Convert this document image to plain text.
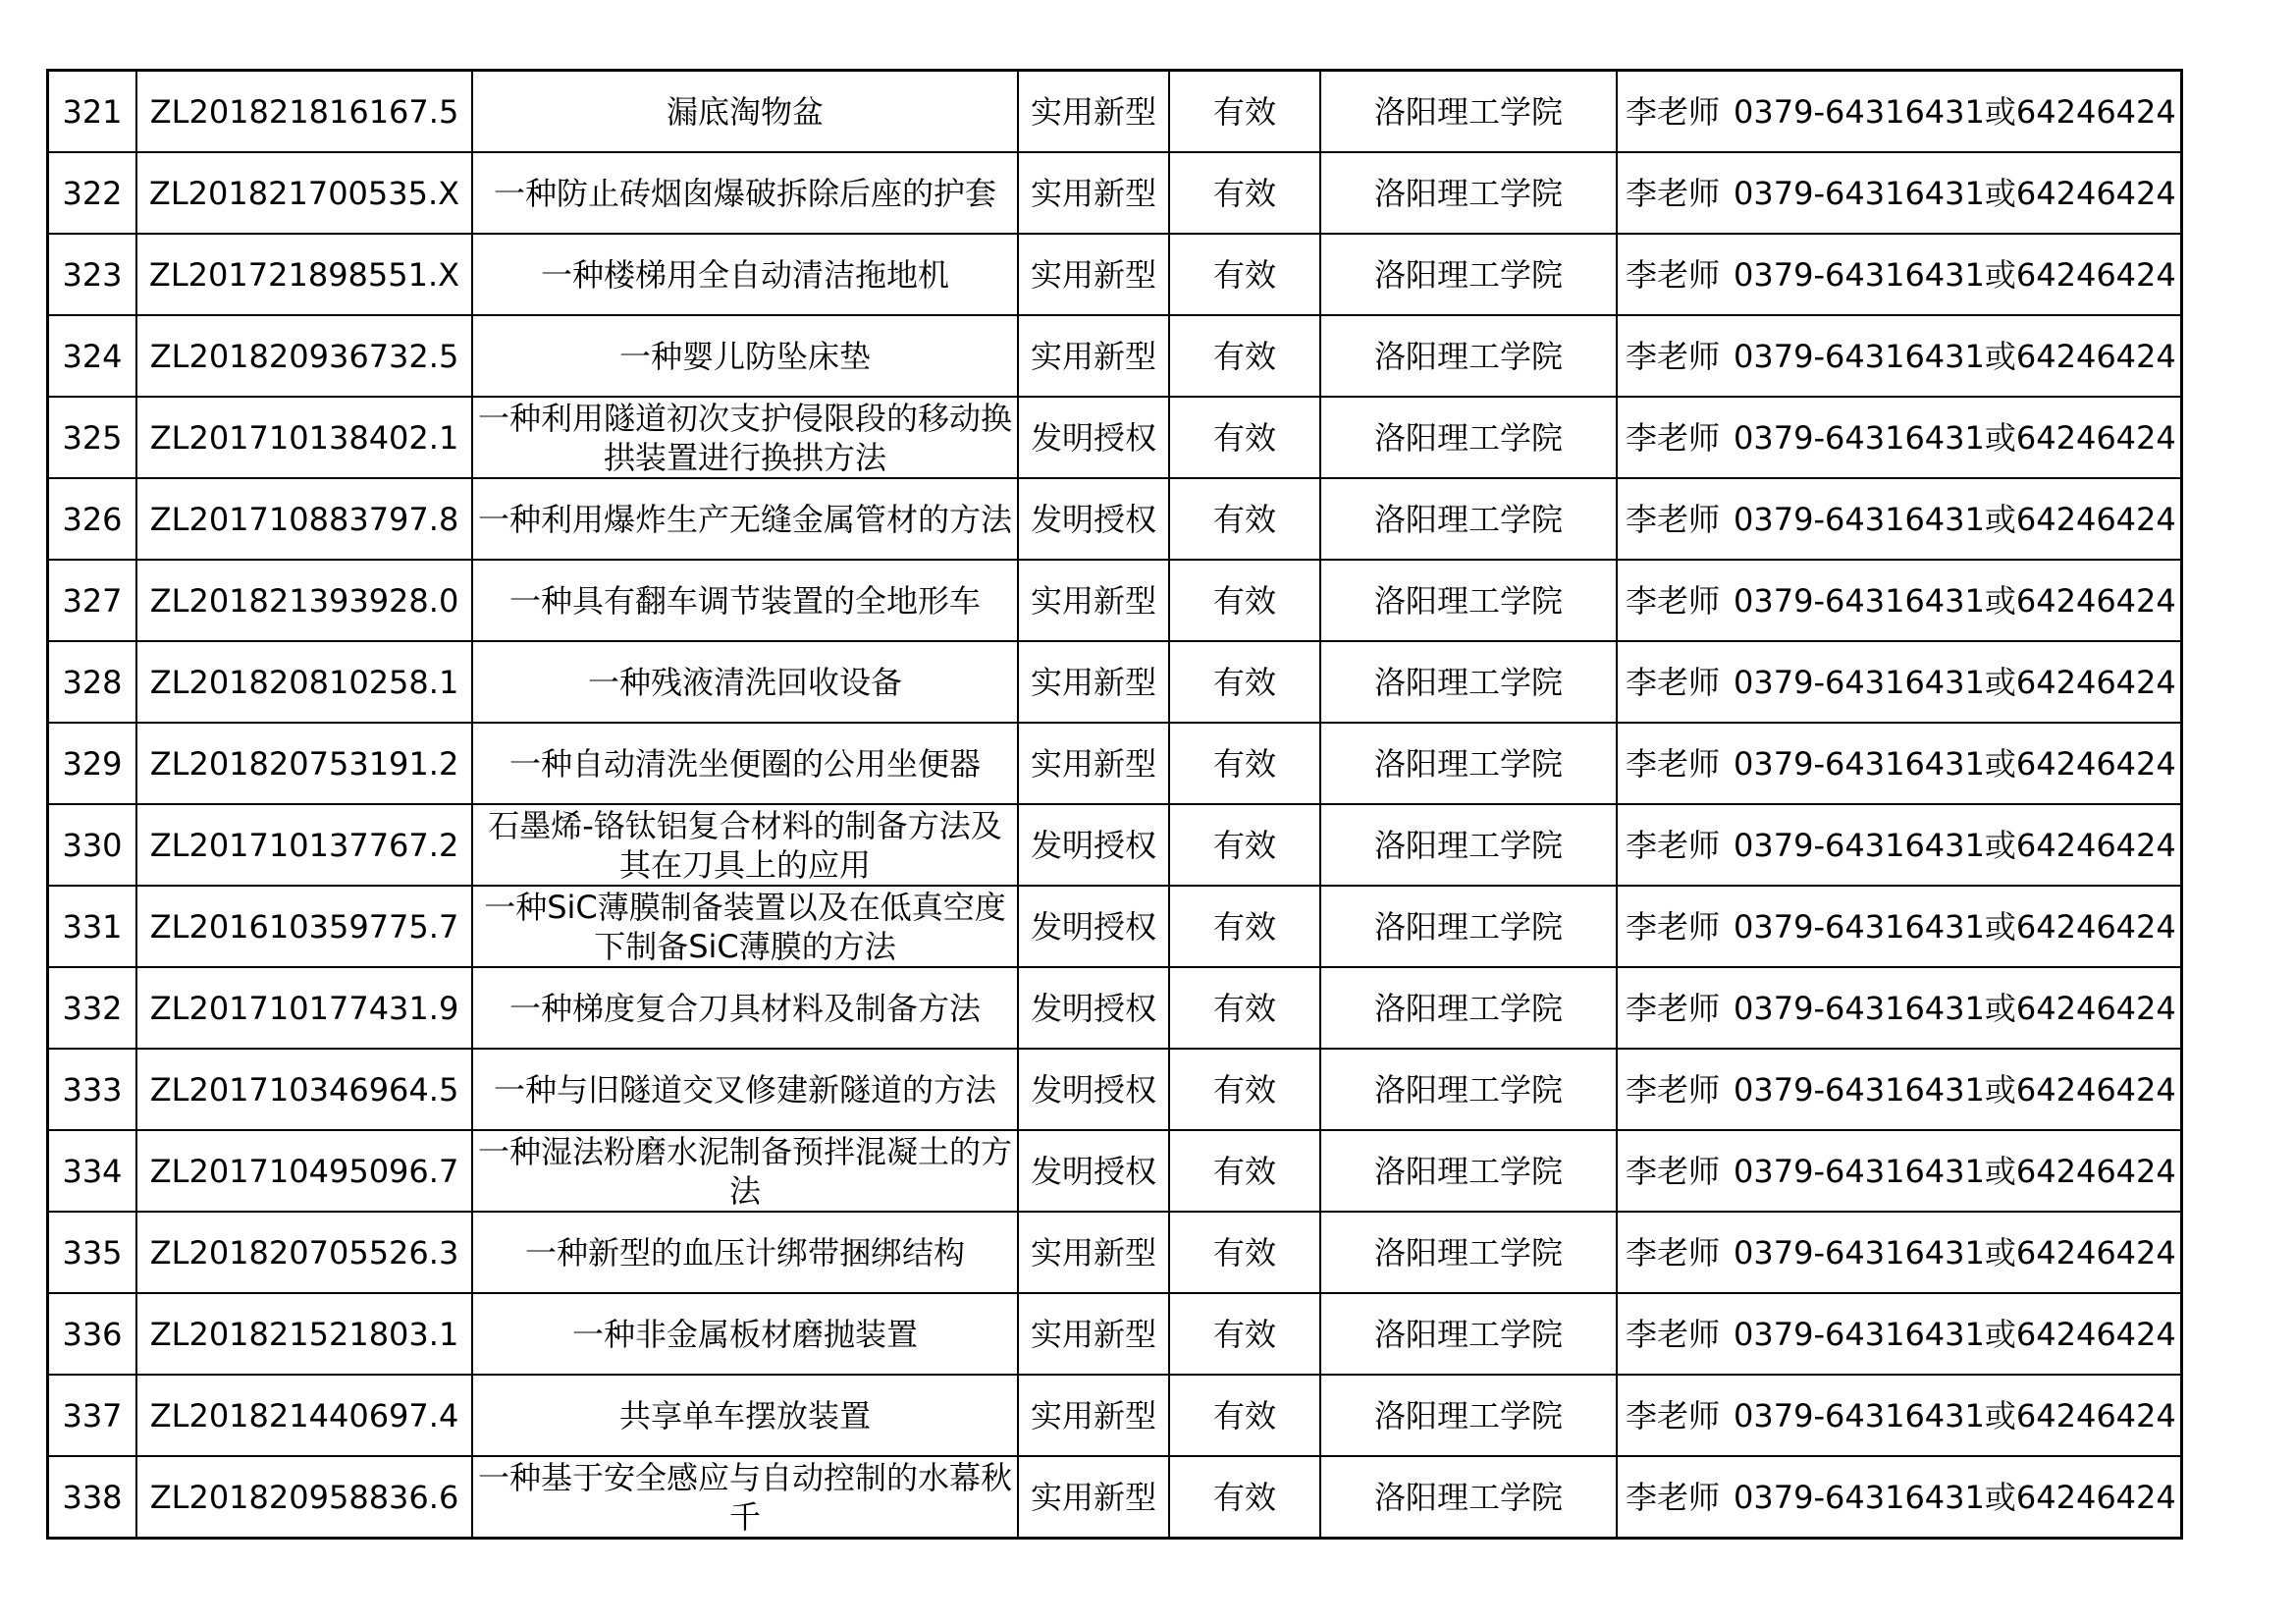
321	ZL201821816167.5	漏底淘物盆	实用新型	有效	洛阳理工学院	李老师 0379-64316431或64246424
322	ZL201821700535.X	一种防止砖烟囱爆破拆除后座的护套	实用新型	有效	洛阳理工学院	李老师 0379-64316431或64246424
323	ZL201721898551.X	一种楼梯用全自动清洁拖地机	实用新型	有效	洛阳理工学院	李老师 0379-64316431或64246424
324	ZL201820936732.5	一种婴儿防坠床垫	实用新型	有效	洛阳理工学院	李老师 0379-64316431或64246424
325	ZL201710138402.1	一种利用隧道初次支护侵限段的移动换拱装置进行换拱方法	发明授权	有效	洛阳理工学院	李老师 0379-64316431或64246424
326	ZL201710883797.8	一种利用爆炸生产无缝金属管材的方法	发明授权	有效	洛阳理工学院	李老师 0379-64316431或64246424
327	ZL201821393928.0	一种具有翻车调节装置的全地形车	实用新型	有效	洛阳理工学院	李老师 0379-64316431或64246424
328	ZL201820810258.1	一种残液清洗回收设备	实用新型	有效	洛阳理工学院	李老师 0379-64316431或64246424
329	ZL201820753191.2	一种自动清洗坐便圈的公用坐便器	实用新型	有效	洛阳理工学院	李老师 0379-64316431或64246424
330	ZL201710137767.2	石墨烯-铬钛铝复合材料的制备方法及其在刀具上的应用	发明授权	有效	洛阳理工学院	李老师 0379-64316431或64246424
331	ZL201610359775.7	一种SiC薄膜制备装置以及在低真空度下制备SiC薄膜的方法	发明授权	有效	洛阳理工学院	李老师 0379-64316431或64246424
332	ZL201710177431.9	一种梯度复合刀具材料及制备方法	发明授权	有效	洛阳理工学院	李老师 0379-64316431或64246424
333	ZL201710346964.5	一种与旧隧道交叉修建新隧道的方法	发明授权	有效	洛阳理工学院	李老师 0379-64316431或64246424
334	ZL201710495096.7	一种湿法粉磨水泥制备预拌混凝土的方法	发明授权	有效	洛阳理工学院	李老师 0379-64316431或64246424
335	ZL201820705526.3	一种新型的血压计绑带捆绑结构	实用新型	有效	洛阳理工学院	李老师 0379-64316431或64246424
336	ZL201821521803.1	一种非金属板材磨抛装置	实用新型	有效	洛阳理工学院	李老师 0379-64316431或64246424
337	ZL201821440697.4	共享单车摆放装置	实用新型	有效	洛阳理工学院	李老师 0379-64316431或64246424
338	ZL201820958836.6	一种基于安全感应与自动控制的水幕秋千	实用新型	有效	洛阳理工学院	李老师 0379-64316431或64246424
